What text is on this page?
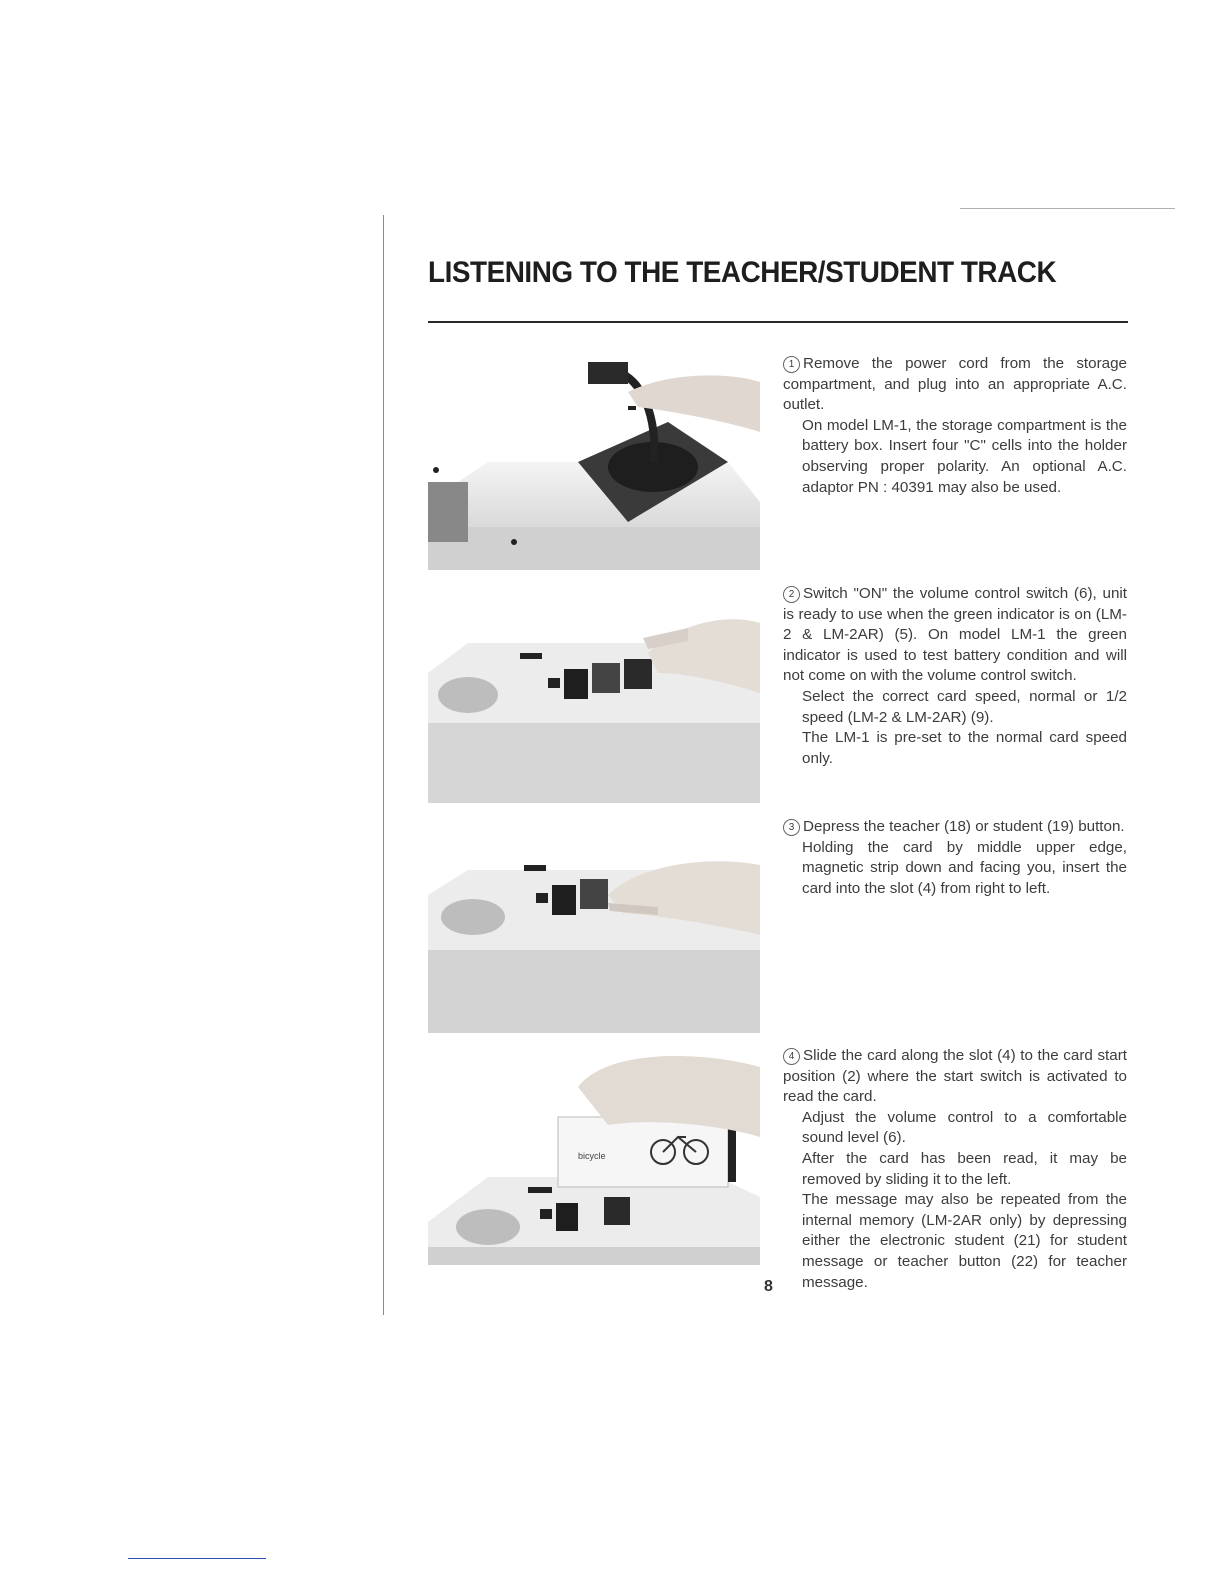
LISTENING TO THE TEACHER/STUDENT TRACK

1 Remove the power cord from the storage compartment, and plug into an appropriate A.C. outlet.

On model LM-1, the storage compartment is the battery box. Insert four "C" cells into the holder observing proper polarity. An optional A.C. adaptor PN : 40391 may also be used.

2 Switch "ON" the volume control switch (6), unit is ready to use when the green indicator is on (LM-2 & LM-2AR) (5). On model LM-1 the green indicator is used to test battery condition and will not come on with the volume control switch.

Select the correct card speed, normal or 1/2 speed (LM-2 & LM-2AR) (9).

The LM-1 is pre-set to the normal card speed only.

3 Depress the teacher (18) or student (19) button.

Holding the card by middle upper edge, magnetic strip down and facing you, insert the card into the slot (4) from right to left.

bicycle

4 Slide the card along the slot (4) to the card start position (2) where the start switch is activated to read the card.

Adjust the volume control to a comfortable sound level (6).

After the card has been read, it may be removed by sliding it to the left.

The message may also be repeated from the internal memory (LM-2AR only) by depressing either the electronic student (21) for student message or teacher button (22) for teacher message.

8
